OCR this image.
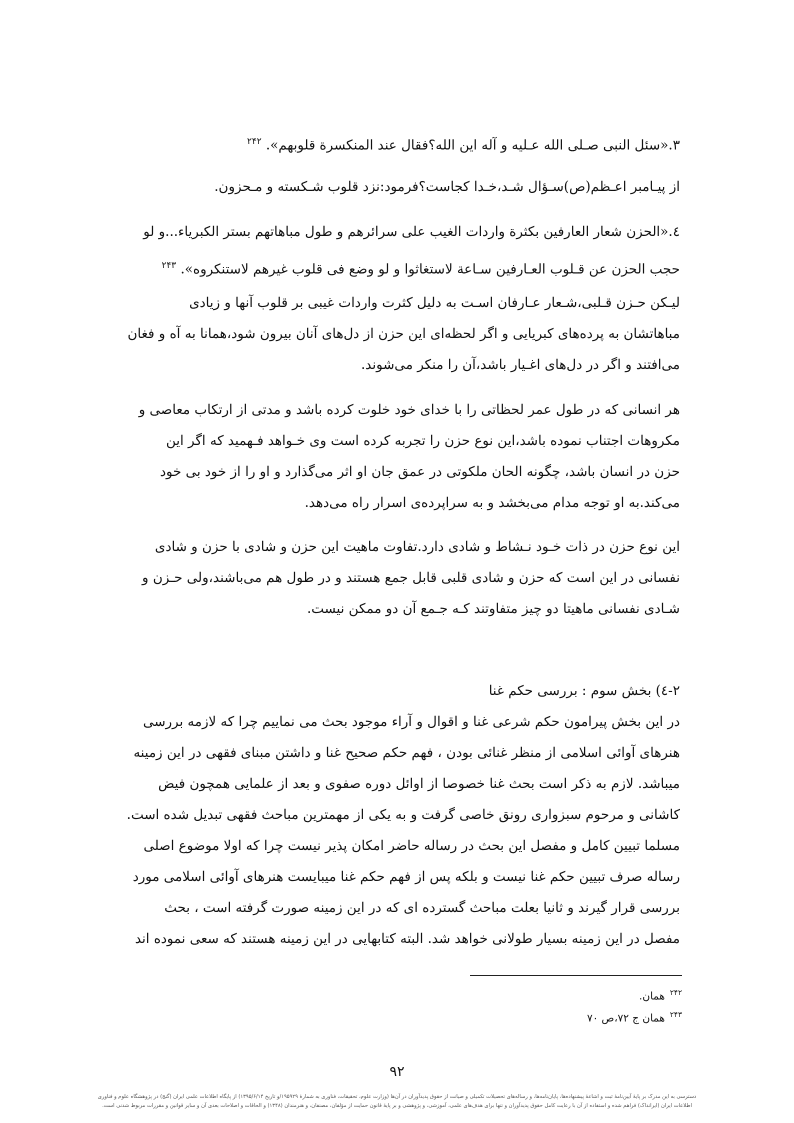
۳.«سئل النبی صـلی الله عـلیه و آله این الله؟فقال عند المنکسرة قلوبهم». $^{۲۴۲}$
از پیـامبر اعـظم(ص)سـؤال شـد،خـدا کجاست؟فرمود:نزد قلوب شـکسته و مـحزون.
٤.«الحزن شعار العارفین بکثرة واردات الغیب علی سرائرهم و طول مباهاتهم بستر الکبریاء...و لو
حجب الحزن عن قـلوب العـارفین سـاعة لاستغاثوا و لو وضع فی قلوب غیرهم لاستنکروه». $^{۲۴۳}$
لیـکن حـزن قـلبی،شـعار عـارفان اسـت به دلیل کثرت واردات غیبی بر قلوب آنها و زیادی
مباهاتشان به پرده‌های کبریایی و اگر لحظه‌ای این حزن از دل‌های آنان بیرون شود،همانا به آه و فغان
می‌افتند و اگر در دل‌های اغـیار باشد،آن را منکر می‌شوند.
هر انسانی که در طول عمر لحظاتی را با خدای خود خلوت کرده باشد و مدتی از ارتکاب معاصی و
مکروهات اجتناب نموده باشد،این نوع حزن را تجربه کرده است وی خـواهد فـهمید که اگر این
حزن در انسان باشد، چگونه الحان ملکوتی در عمق جان او اثر می‌گذارد و او را از خود بی خود
می‌کند.به او توجه مدام می‌بخشد و به سراپرده‌ی اسرار راه می‌دهد.
این نوع حزن در ذات خـود نـشاط و شادی دارد.تفاوت ماهیت این حزن و شادی با حزن و شادی
نفسانی در این است که حزن و شادی قلبی قابل جمع هستند و در طول هم می‌باشند،ولی حـزن و
شـادی نفسانی ماهیتا دو چیز متفاوتند کـه جـمع آن دو ممکن نیست.
۲-٤) بخش سوم : بررسی حکم غنا
در این بخش پیرامون حکم شرعی غنا و اقوال و آراء موجود بحث می نماییم چرا که لازمه بررسی
هنرهای آوائی اسلامی از منظر غنائی بودن ، فهم حکم صحیح غنا و داشتن مبنای فقهی در این زمینه
میباشد. لازم به ذکر است بحث غنا خصوصا از اوائل دوره صفوی و بعد از علمایی همچون فیض
کاشانی و مرحوم سبزواری رونق خاصی گرفت و به یکی از مهمترین مباحث فقهی تبدیل شده است.
مسلما تبیین کامل و مفصل این بحث در رساله حاضر امکان پذیر نیست چرا که اولا موضوع اصلی
رساله صرف تبیین حکم غنا نیست و بلکه پس از فهم حکم غنا میبایست هنرهای آوائی اسلامی مورد
بررسی قرار گیرند و ثانیا بعلت مباحث گسترده ای که در این زمینه صورت گرفته است ، بحث
مفصل در این زمینه بسیار طولانی خواهد شد. البته کتابهایی در این زمینه هستند که سعی نموده اند
$^{۲۴۲}$همان.
$^{۲۴۳}$همان ج ۷۲،ص ۷۰
۹۲
دسترسی به این مدرک بر پایهٔ آیین‌نامهٔ ثبت و اشاعهٔ پیشنهاده‌ها، پایان‌نامه‌ها، و رساله‌های تحصیلات تکمیلی و صیانت از حقوق پدیدآوران در آن‌ها (وزارت علوم، تحقیقات، فناوری به شمارهٔ ۱۹۵۹۲۹/و تاریخ ۱۳۹۵/۶/۱۴) از پایگاه اطلاعات علمی ایران (گنج) در پژوهشگاه علوم و فناوری
اطلاعات ایران (ایرانداک) فراهم شده و استفاده از آن با رعایت کامل حقوق پدیدآوران و تنها برای هدف‌های علمی، آموزشی، و پژوهشی و بر پایهٔ قانون حمایت از مؤلفان، مصنفان، و هنرمندان (۱۳۴۸) و الحاقات و اصلاحات بعدی آن و سایر قوانین و مقررات مربوط شدنی است.
